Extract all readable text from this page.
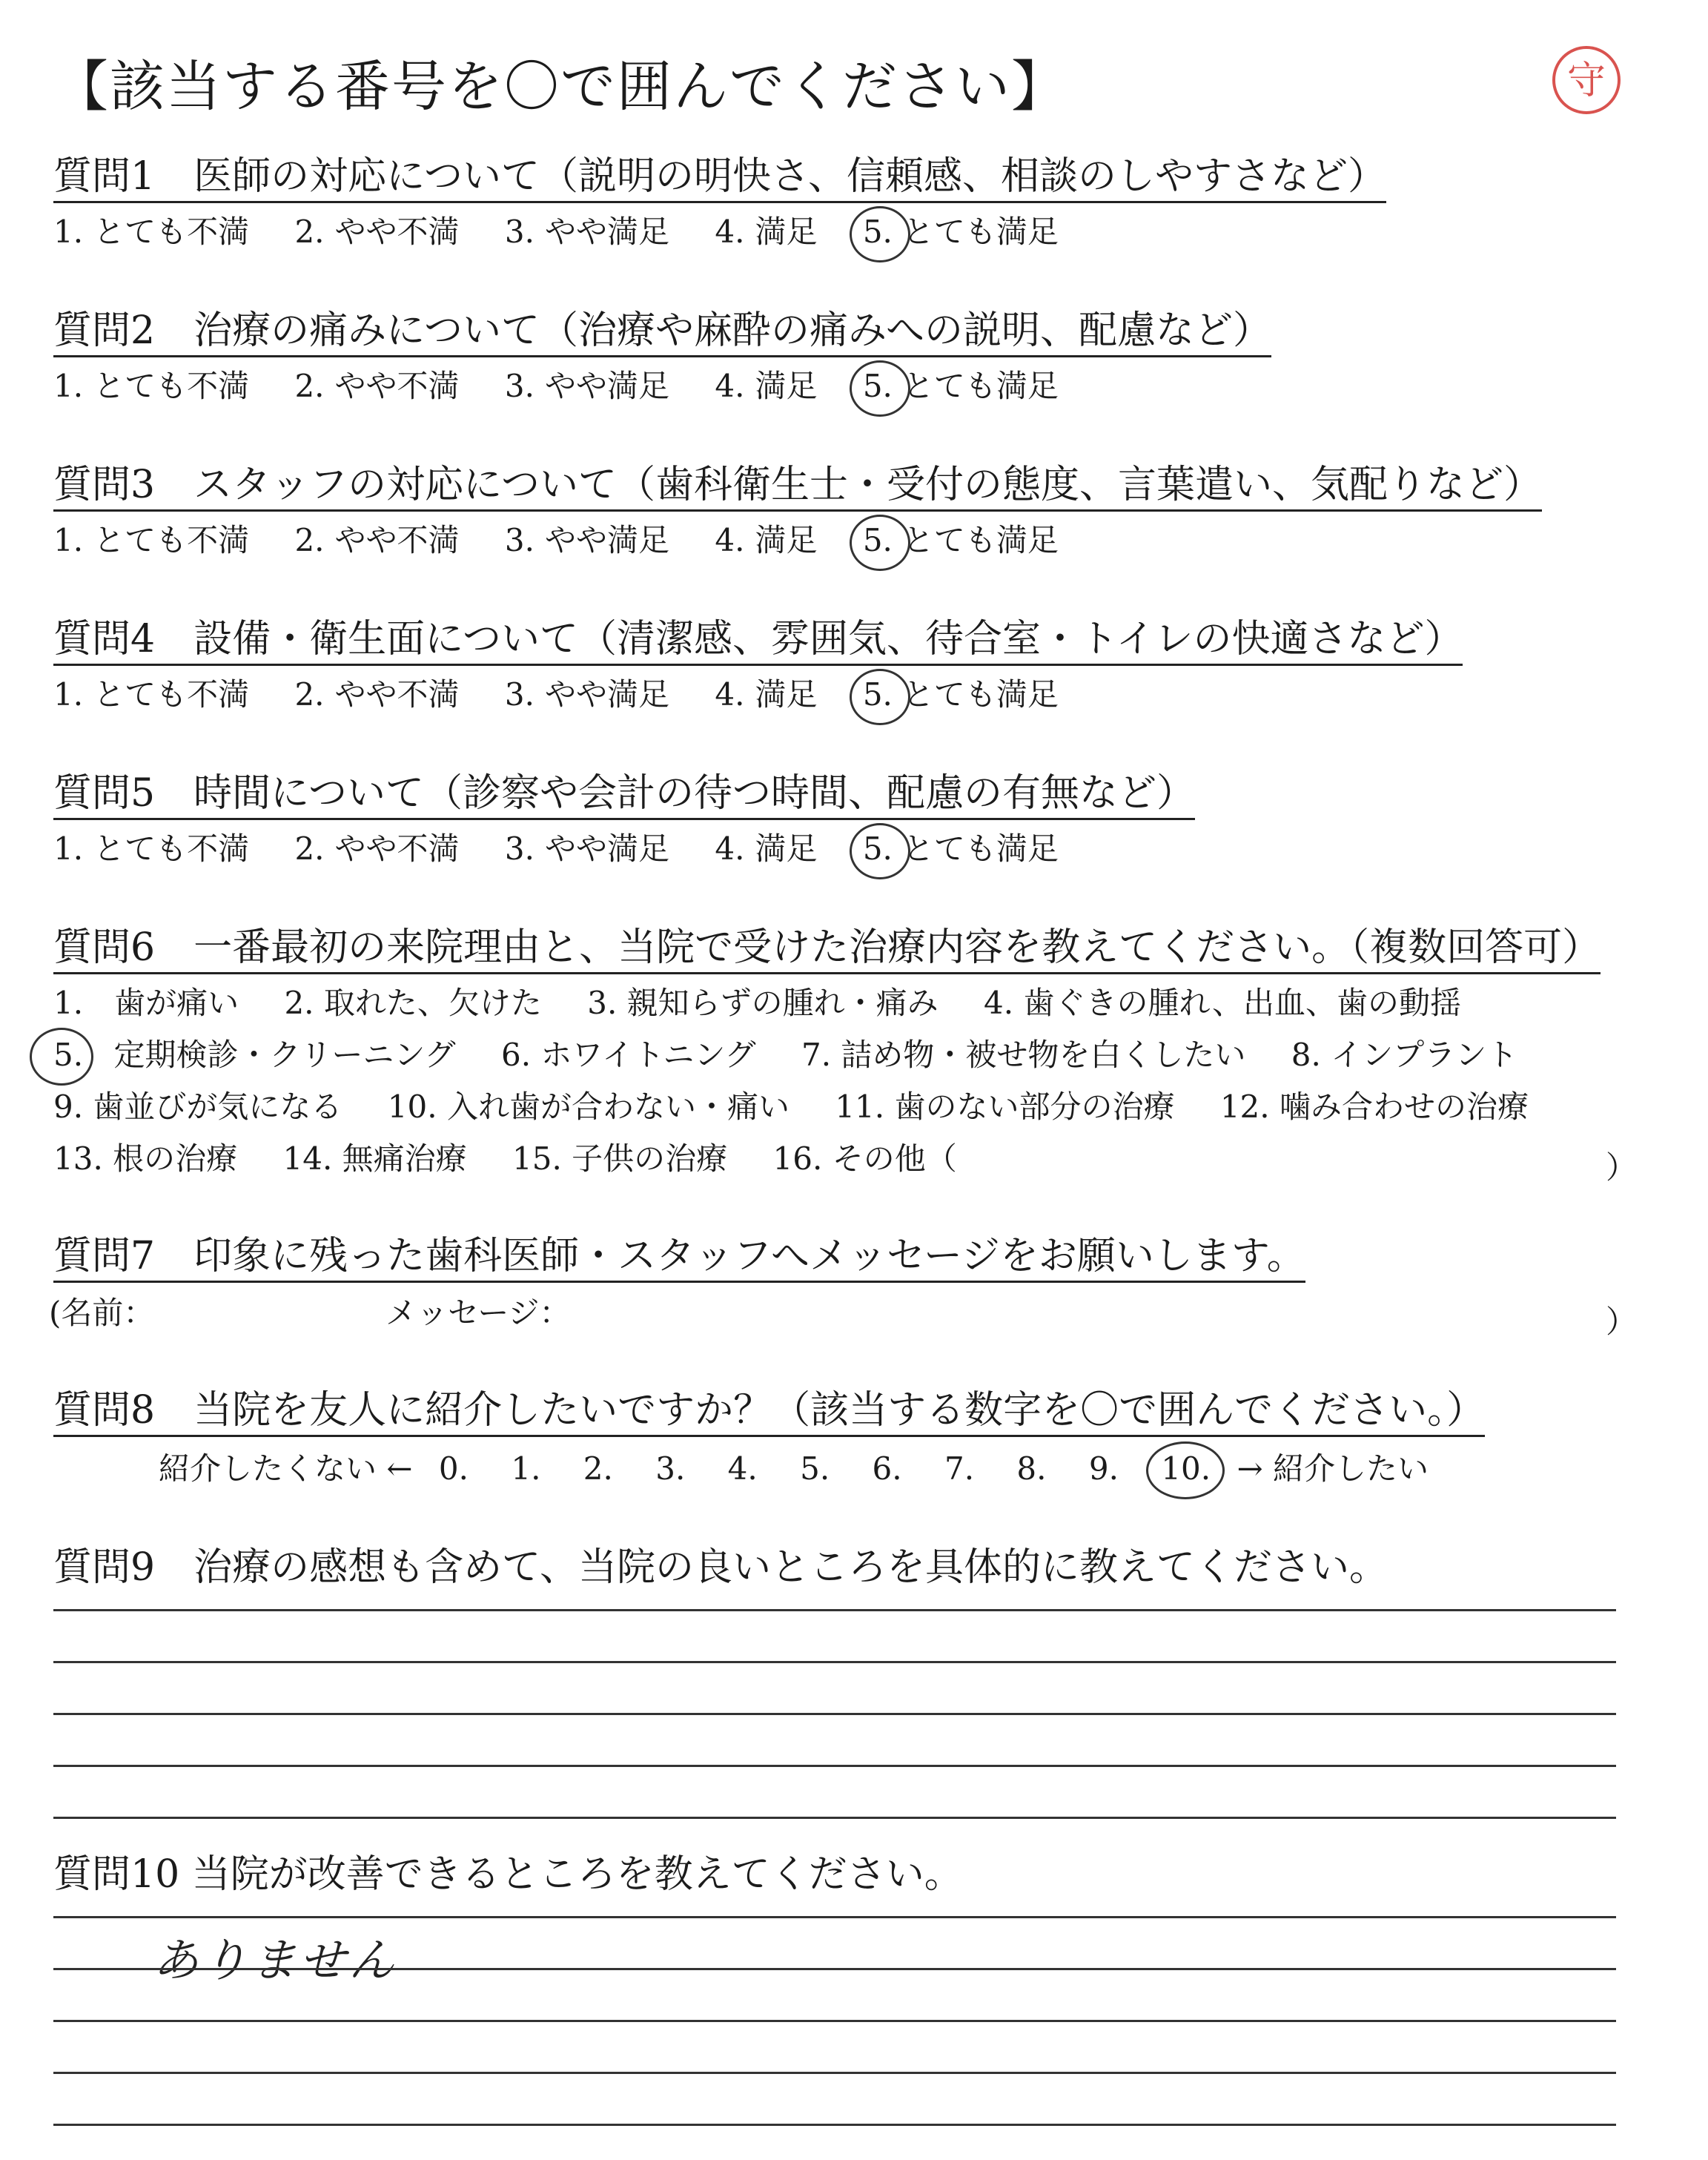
【該当する番号を〇で囲んでください】	守
質問1　医師の対応について（説明の明快さ、信頼感、相談のしやすさなど）
1. とても不満 2. やや不満 3. やや満足 4. 満足 5. とても満足
質問2　治療の痛みについて（治療や麻酔の痛みへの説明、配慮など）
1. とても不満 2. やや不満 3. やや満足 4. 満足 5. とても満足
質問3　スタッフの対応について（歯科衛生士・受付の態度、言葉遣い、気配りなど）
1. とても不満 2. やや不満 3. やや満足 4. 満足 5. とても満足
質問4　設備・衛生面について（清潔感、雰囲気、待合室・トイレの快適さなど）
1. とても不満 2. やや不満 3. やや満足 4. 満足 5. とても満足
質問5　時間について（診察や会計の待つ時間、配慮の有無など）
1. とても不満 2. やや不満 3. やや満足 4. 満足 5. とても満足
質問6　一番最初の来院理由と、当院で受けた治療内容を教えてください。（複数回答可）
1.　歯が痛い 2. 取れた、欠けた 3. 親知らずの腫れ・痛み 4. 歯ぐきの腫れ、出血、歯の動揺
5. 定期検診・クリーニング 6. ホワイトニング 7. 詰め物・被せ物を白くしたい 8. インプラント
9. 歯並びが気になる 10. 入れ歯が合わない・痛い 11. 歯のない部分の治療 12. 噛み合わせの治療
13. 根の治療 14. 無痛治療 15. 子供の治療 16. その他（	）
質問7　印象に残った歯科医師・スタッフへメッセージをお願いします。
(名前：	メッセージ：	）
質問8　当院を友人に紹介したいですか？（該当する数字を〇で囲んでください。）
紹介したくない ← 0. 1. 2. 3. 4. 5. 6. 7. 8. 9. 10. → 紹介したい
質問9　治療の感想も含めて、当院の良いところを具体的に教えてください。
質問10 当院が改善できるところを教えてください。
ありません
